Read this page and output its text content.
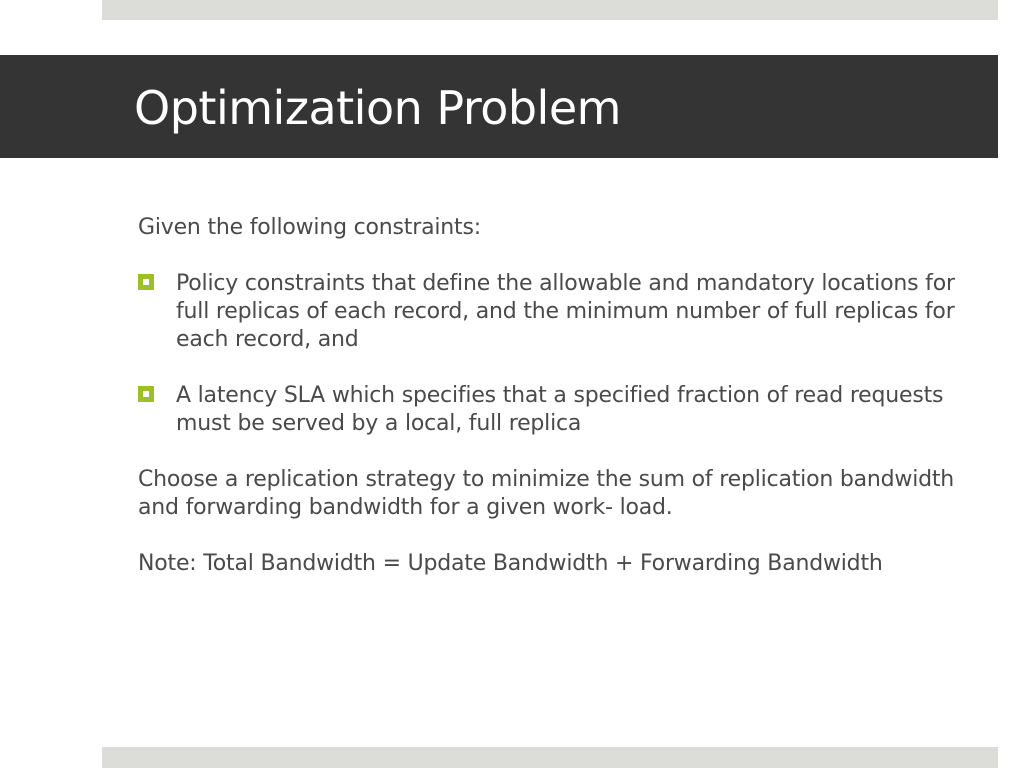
Optimization Problem

Given the following constraints:

Policy constraints that define the allowable and mandatory locations for full replicas of each record, and the minimum number of full replicas for each record, and
A latency SLA which specifies that a specified fraction of read requests must be served by a local, full replica

Choose a replication strategy to minimize the sum of replication bandwidth and forwarding bandwidth for a given work- load.

Note: Total Bandwidth = Update Bandwidth + Forwarding Bandwidth
